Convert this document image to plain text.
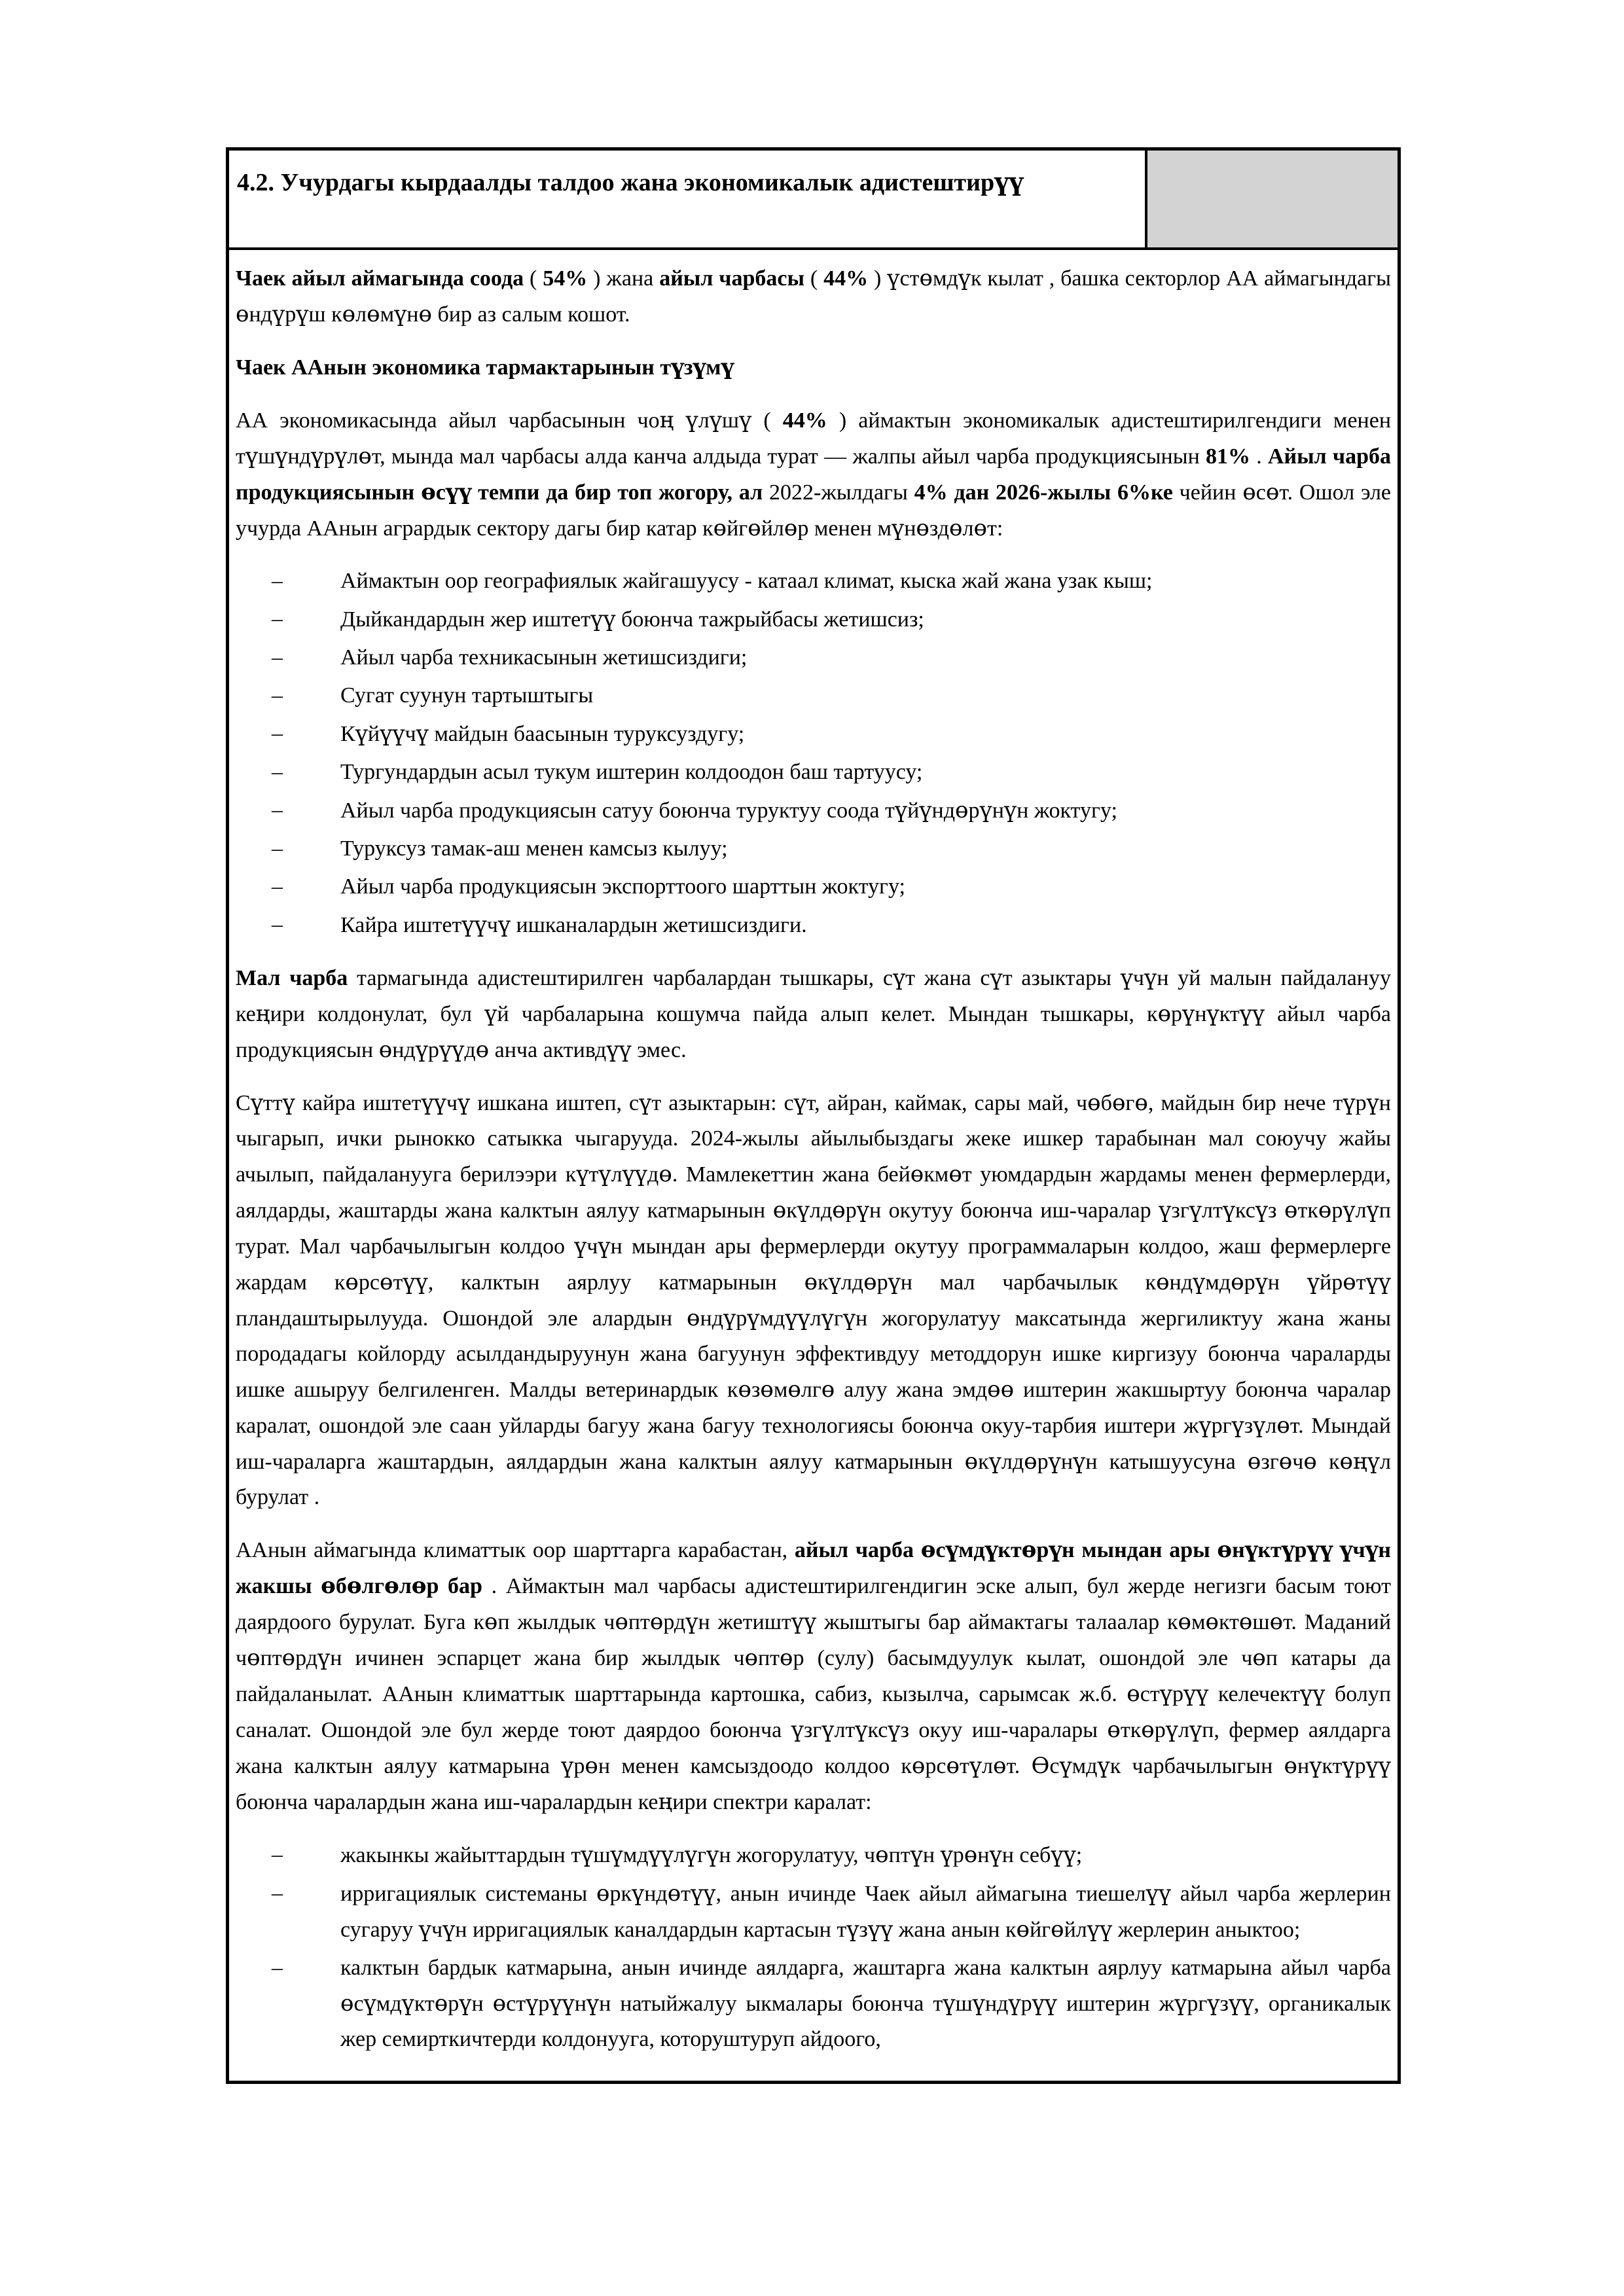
4.2. Учурдагы кырдаалды талдоо жана экономикалык адистештирүү

Чаек айыл аймагында соода ( 54% ) жана айыл чарбасы ( 44% ) үстөмдүк кылат , башка секторлор АА аймагындагы өндүрүш көлөмүнө бир аз салым кошот.

Чаек ААнын экономика тармактарынын түзүмү

АА экономикасында айыл чарбасынын чоң үлүшү ( 44% ) аймактын экономикалык адистештирилгендиги менен түшүндүрүлөт, мында мал чарбасы алда канча алдыда турат — жалпы айыл чарба продукциясынын 81% . Айыл чарба продукциясынын өсүү темпи да бир топ жогору, ал 2022-жылдагы 4% дан 2026-жылы 6%ке чейин өсөт. Ошол эле учурда ААнын агрардык сектору дагы бир катар көйгөйлөр менен мүнөздөлөт:

–	Аймактын оор географиялык жайгашуусу - катаал климат, кыска жай жана узак кыш;
–	Дыйкандардын жер иштетүү боюнча тажрыйбасы жетишсиз;
–	Айыл чарба техникасынын жетишсиздиги;
–	Сугат суунун тартыштыгы
–	Күйүүчү майдын баасынын туруксуздугу;
–	Тургундардын асыл тукум иштерин колдоодон баш тартуусу;
–	Айыл чарба продукциясын сатуу боюнча туруктуу соода түйүндөрүнүн жоктугу;
–	Туруксуз тамак-аш менен камсыз кылуу;
–	Айыл чарба продукциясын экспорттоого шарттын жоктугу;
–	Кайра иштетүүчү ишканалардын жетишсиздиги.

Мал чарба тармагында адистештирилген чарбалардан тышкары, сүт жана сүт азыктары үчүн уй малын пайдалануу кеңири колдонулат, бул үй чарбаларына кошумча пайда алып келет. Мындан тышкары, көрүнүктүү айыл чарба продукциясын өндүрүүдө анча активдүү эмес.

Сүттү кайра иштетүүчү ишкана иштеп, сүт азыктарын: сүт, айран, каймак, сары май, чөбөгө, майдын бир нече түрүн чыгарып, ички рынокко сатыкка чыгарууда. 2024-жылы айылыбыздагы жеке ишкер тарабынан мал союучу жайы ачылып, пайдаланууга берилээри күтүлүүдө. Мамлекеттин жана бейөкмөт уюмдардын жардамы менен фермерлерди, аялдарды, жаштарды жана калктын аялуу катмарынын өкүлдөрүн окутуу боюнча иш-чаралар үзгүлтүксүз өткөрүлүп турат. Мал чарбачылыгын колдоо үчүн мындан ары фермерлерди окутуу программаларын колдоо, жаш фермерлерге жардам көрсөтүү, калктын аярлуу катмарынын өкүлдөрүн мал чарбачылык көндүмдөрүн үйрөтүү пландаштырылууда. Ошондой эле алардын өндүрүмдүүлүгүн жогорулатуу максатында жергиликтуу жана жаны породадагы койлорду асылдандыруунун жана багуунун эффективдуу методдорун ишке киргизуу боюнча чараларды ишке ашыруу белгиленген. Малды ветеринардык көзөмөлгө алуу жана эмдөө иштерин жакшыртуу боюнча чаралар каралат, ошондой эле саан уйларды багуу жана багуу технологиясы боюнча окуу-тарбия иштери жүргүзүлөт. Мындай иш-чараларга жаштардын, аялдардын жана калктын аялуу катмарынын өкүлдөрүнүн катышуусуна өзгөчө көңүл бурулат .

ААнын аймагында климаттык оор шарттарга карабастан, айыл чарба өсүмдүктөрүн мындан ары өнүктүрүү үчүн жакшы өбөлгөлөр бар . Аймактын мал чарбасы адистештирилгендигин эске алып, бул жерде негизги басым тоют даярдоого бурулат. Буга көп жылдык чөптөрдүн жетиштүү жыштыгы бар аймактагы талаалар көмөктөшөт. Маданий чөптөрдүн ичинен эспарцет жана бир жылдык чөптөр (сулу) басымдуулук кылат, ошондой эле чөп катары да пайдаланылат. ААнын климаттык шарттарында картошка, сабиз, кызылча, сарымсак ж.б. өстүрүү келечектүү болуп саналат. Ошондой эле бул жерде тоют даярдоо боюнча үзгүлтүксүз окуу иш-чаралары өткөрүлүп, фермер аялдарга жана калктын аялуу катмарына үрөн менен камсыздоодо колдоо көрсөтүлөт. Өсүмдүк чарбачылыгын өнүктүрүү боюнча чаралардын жана иш-чаралардын кеңири спектри каралат:

–	жакынкы жайыттардын түшүмдүүлүгүн жогорулатуу, чөптүн үрөнүн себүү;
–	ирригациялык системаны өркүндөтүү, анын ичинде Чаек айыл аймагына тиешелүү айыл чарба жерлерин сугаруу үчүн ирригациялык каналдардын картасын түзүү жана анын көйгөйлүү жерлерин аныктоо;
–	калктын бардык катмарына, анын ичинде аялдарга, жаштарга жана калктын аярлуу катмарына айыл чарба өсүмдүктөрүн өстүрүүнүн натыйжалуу ыкмалары боюнча түшүндүрүү иштерин жүргүзүү, органикалык жер семирткичтерди колдонууга, которуштуруп айдоого,
